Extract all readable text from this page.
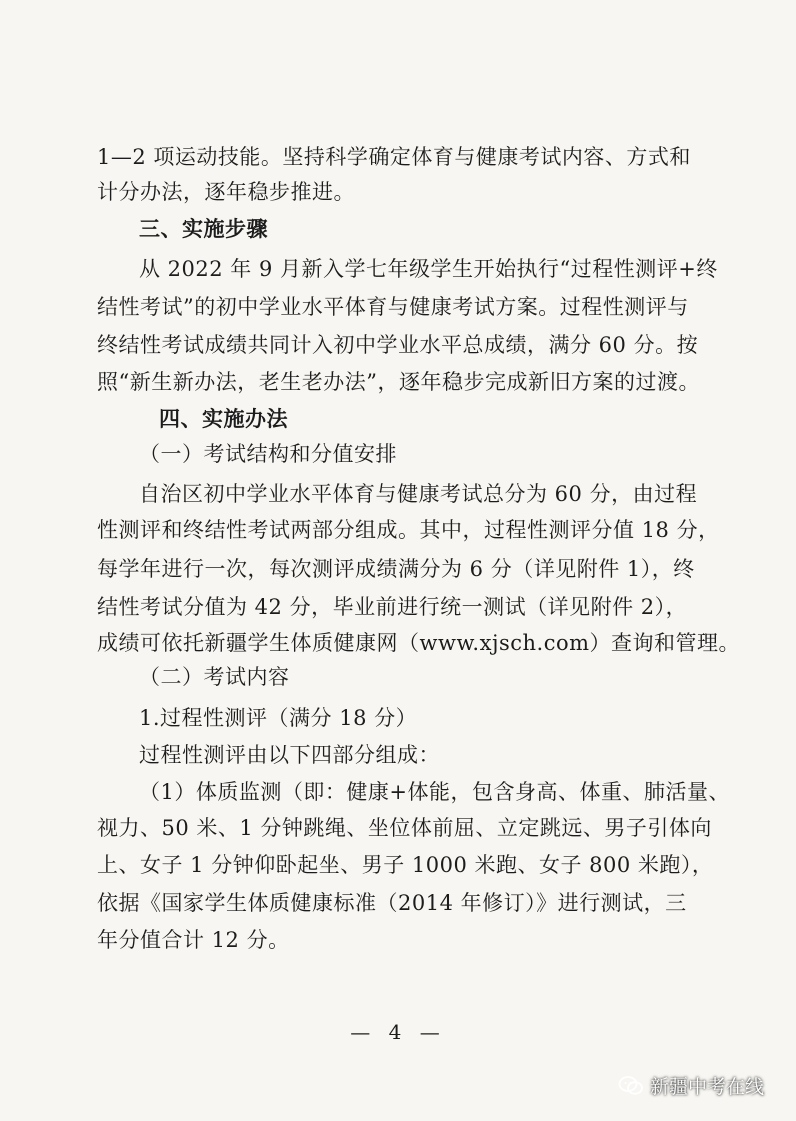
1—2 项运动技能。坚持科学确定体育与健康考试内容、方式和
计分办法，逐年稳步推进。
三、实施步骤
从 2022 年 9 月新入学七年级学生开始执行“过程性测评+终
结性考试”的初中学业水平体育与健康考试方案。过程性测评与
终结性考试成绩共同计入初中学业水平总成绩，满分 60 分。按
照“新生新办法，老生老办法”，逐年稳步完成新旧方案的过渡。
四、实施办法
（一）考试结构和分值安排
自治区初中学业水平体育与健康考试总分为 60 分，由过程
性测评和终结性考试两部分组成。其中，过程性测评分值 18 分，
每学年进行一次，每次测评成绩满分为 6 分（详见附件 1），终
结性考试分值为 42 分，毕业前进行统一测试（详见附件 2），
成绩可依托新疆学生体质健康网（www.xjsch.com）查询和管理。
（二）考试内容
1.过程性测评（满分 18 分）
过程性测评由以下四部分组成：
（1）体质监测（即：健康+体能，包含身高、体重、肺活量、
视力、50 米、1 分钟跳绳、坐位体前屈、立定跳远、男子引体向
上、女子 1 分钟仰卧起坐、男子 1000 米跑、女子 800 米跑），
依据《国家学生体质健康标准（2014 年修订）》进行测试，三
年分值合计 12 分。
— 4 —
新疆中考在线
